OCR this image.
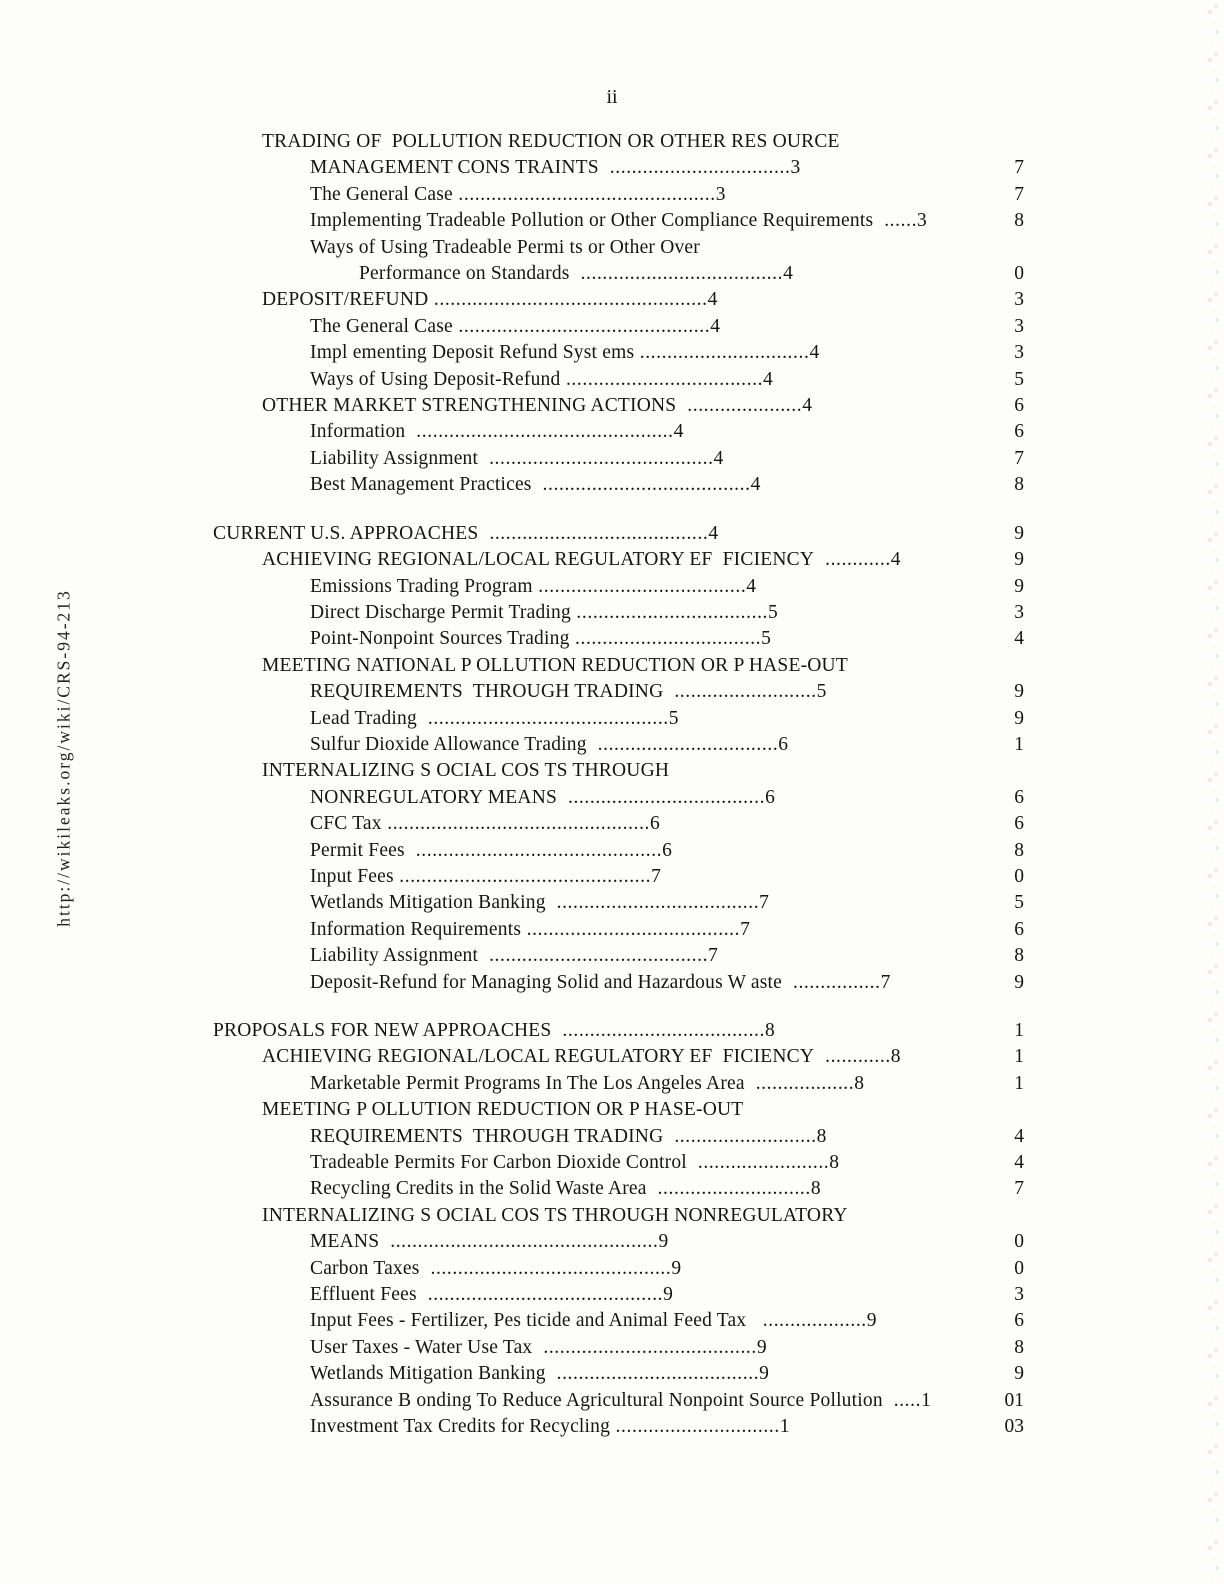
ii
TRADING OF  POLLUTION REDUCTION OR OTHER RES OURCE
MANAGEMENT CONS TRAINTS .................................3	7
The General Case ...............................................3	7
Implementing Tradeable Pollution or Other Compliance Requirements ......3	8
Ways of Using Tradeable Permi ts or Other Over
Performance on Standards .....................................4	0
DEPOSIT/REFUND ..................................................4	3
The General Case ..............................................4	3
Impl ementing Deposit Refund Syst ems ...............................4	3
Ways of Using Deposit-Refund ....................................4	5
OTHER MARKET STRENGTHENING ACTIONS .....................4	6
Information ...............................................4	6
Liability Assignment .........................................4	7
Best Management Practices ......................................4	8
CURRENT U.S. APPROACHES ........................................4	9
ACHIEVING REGIONAL/LOCAL REGULATORY EF  FICIENCY ............4	9
Emissions Trading Program ......................................4	9
Direct Discharge Permit Trading ...................................5	3
Point-Nonpoint Sources Trading ..................................5	4
MEETING NATIONAL P OLLUTION REDUCTION OR P HASE-OUT
REQUIREMENTS  THROUGH TRADING ..........................5	9
Lead Trading ............................................5	9
Sulfur Dioxide Allowance Trading .................................6	1
INTERNALIZING S OCIAL COS TS THROUGH
NONREGULATORY MEANS ....................................6	6
CFC Tax ................................................6	6
Permit Fees .............................................6	8
Input Fees ..............................................7	0
Wetlands Mitigation Banking .....................................7	5
Information Requirements .......................................7	6
Liability Assignment ........................................7	8
Deposit-Refund for Managing Solid and Hazardous W aste ................7	9
PROPOSALS FOR NEW APPROACHES .....................................8	1
ACHIEVING REGIONAL/LOCAL REGULATORY EF  FICIENCY ............8	1
Marketable Permit Programs In The Los Angeles Area ..................8	1
MEETING P OLLUTION REDUCTION OR P HASE-OUT
REQUIREMENTS  THROUGH TRADING ..........................8	4
Tradeable Permits For Carbon Dioxide Control ........................8	4
Recycling Credits in the Solid Waste Area ............................8	7
INTERNALIZING S OCIAL COS TS THROUGH NONREGULATORY
MEANS .................................................9	0
Carbon Taxes ............................................9	0
Effluent Fees ...........................................9	3
Input Fees - Fertilizer, Pes ticide and Animal Feed Tax ...................9	6
User Taxes - Water Use Tax .......................................9	8
Wetlands Mitigation Banking .....................................9	9
Assurance B onding To Reduce Agricultural Nonpoint Source Pollution .....1	01
Investment Tax Credits for Recycling ..............................1	03
http://wikileaks.org/wiki/CRS-94-213
